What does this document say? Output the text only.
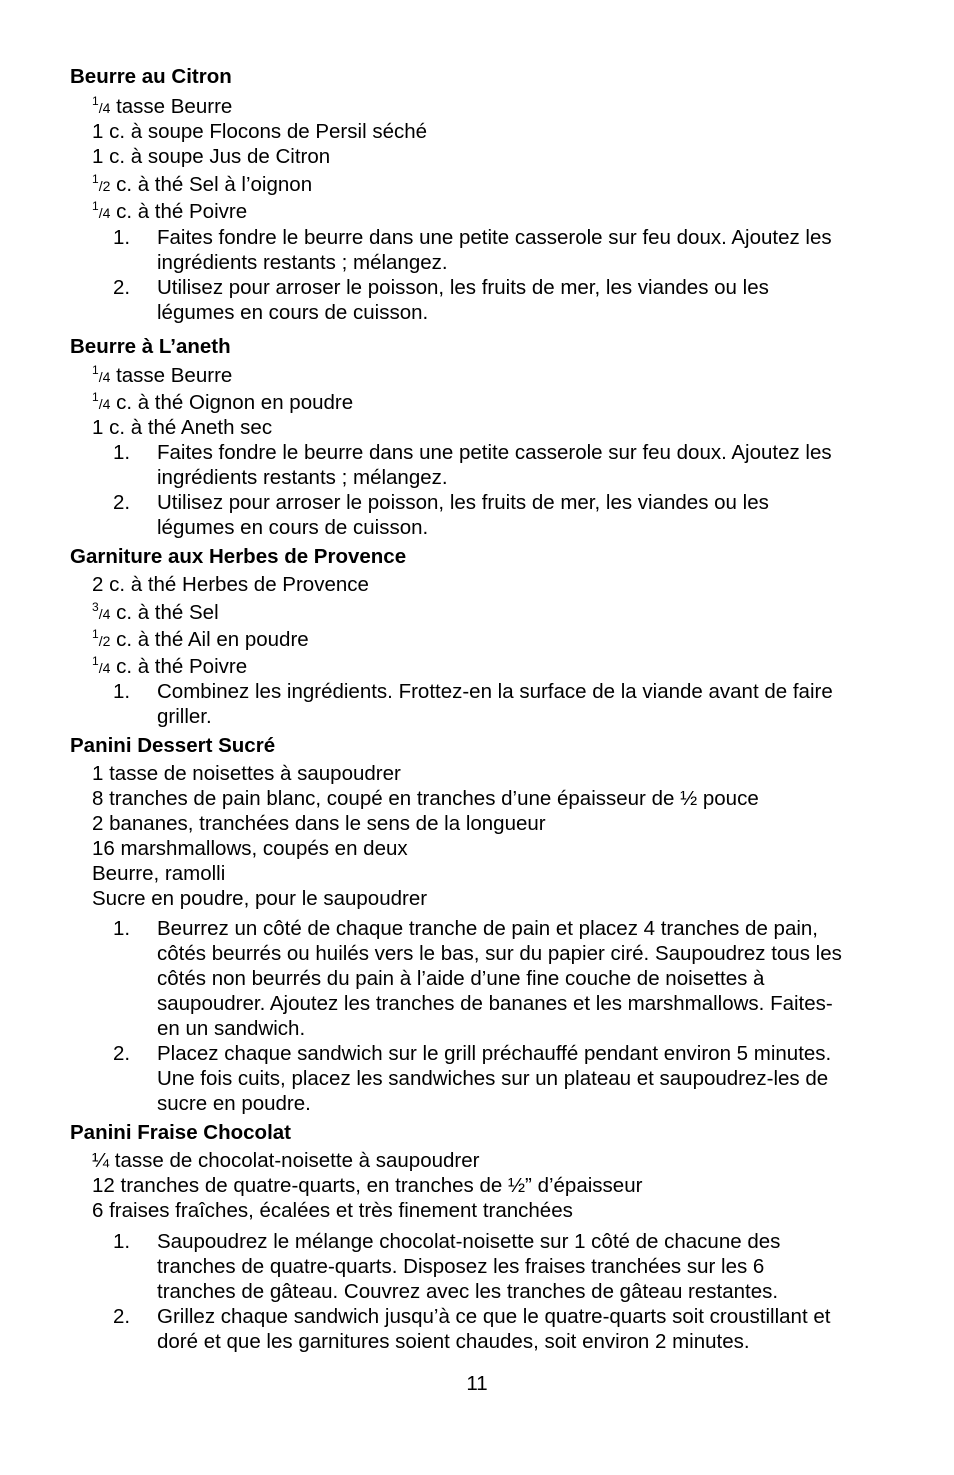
Beurre au Citron
$^1$/4 tasse Beurre
1 c. à soupe Flocons de Persil séché
1 c. à soupe Jus de Citron
$^1$/2 c. à thé Sel à l’oignon
$^1$/4 c. à thé Poivre
1. Faites fondre le beurre dans une petite casserole sur feu doux. Ajoutez les
ingrédients restants ; mélangez.
2. Utilisez pour arroser le poisson, les fruits de mer, les viandes ou les
légumes en cours de cuisson.
Beurre à L’aneth
$^1$/4 tasse Beurre
$^1$/4 c. à thé Oignon en poudre
1 c. à thé Aneth sec
1. Faites fondre le beurre dans une petite casserole sur feu doux. Ajoutez les
ingrédients restants ; mélangez.
2. Utilisez pour arroser le poisson, les fruits de mer, les viandes ou les
légumes en cours de cuisson.
Garniture aux Herbes de Provence
2 c. à thé Herbes de Provence
$^3$/4 c. à thé Sel
$^1$/2 c. à thé Ail en poudre
$^1$/4 c. à thé Poivre
1. Combinez les ingrédients. Frottez-en la surface de la viande avant de faire
griller.
Panini Dessert Sucré
1 tasse de noisettes à saupoudrer
8 tranches de pain blanc, coupé en tranches d’une épaisseur de ½ pouce
2 bananes, tranchées dans le sens de la longueur
16 marshmallows, coupés en deux
Beurre, ramolli
Sucre en poudre, pour le saupoudrer
1. Beurrez un côté de chaque tranche de pain et placez 4 tranches de pain,
côtés beurrés ou huilés vers le bas, sur du papier ciré. Saupoudrez tous les
côtés non beurrés du pain à l’aide d’une fine couche de noisettes à
saupoudrer. Ajoutez les tranches de bananes et les marshmallows. Faites-
en un sandwich.
2. Placez chaque sandwich sur le grill préchauffé pendant environ 5 minutes.
Une fois cuits, placez les sandwiches sur un plateau et saupoudrez-les de
sucre en poudre.
Panini Fraise Chocolat
¼ tasse de chocolat-noisette à saupoudrer
12 tranches de quatre-quarts, en tranches de ½” d’épaisseur
6 fraises fraîches, écalées et très finement tranchées
1. Saupoudrez le mélange chocolat-noisette sur 1 côté de chacune des
tranches de quatre-quarts. Disposez les fraises tranchées sur les 6
tranches de gâteau. Couvrez avec les tranches de gâteau restantes.
2. Grillez chaque sandwich jusqu’à ce que le quatre-quarts soit croustillant et
doré et que les garnitures soient chaudes, soit environ 2 minutes.
11
